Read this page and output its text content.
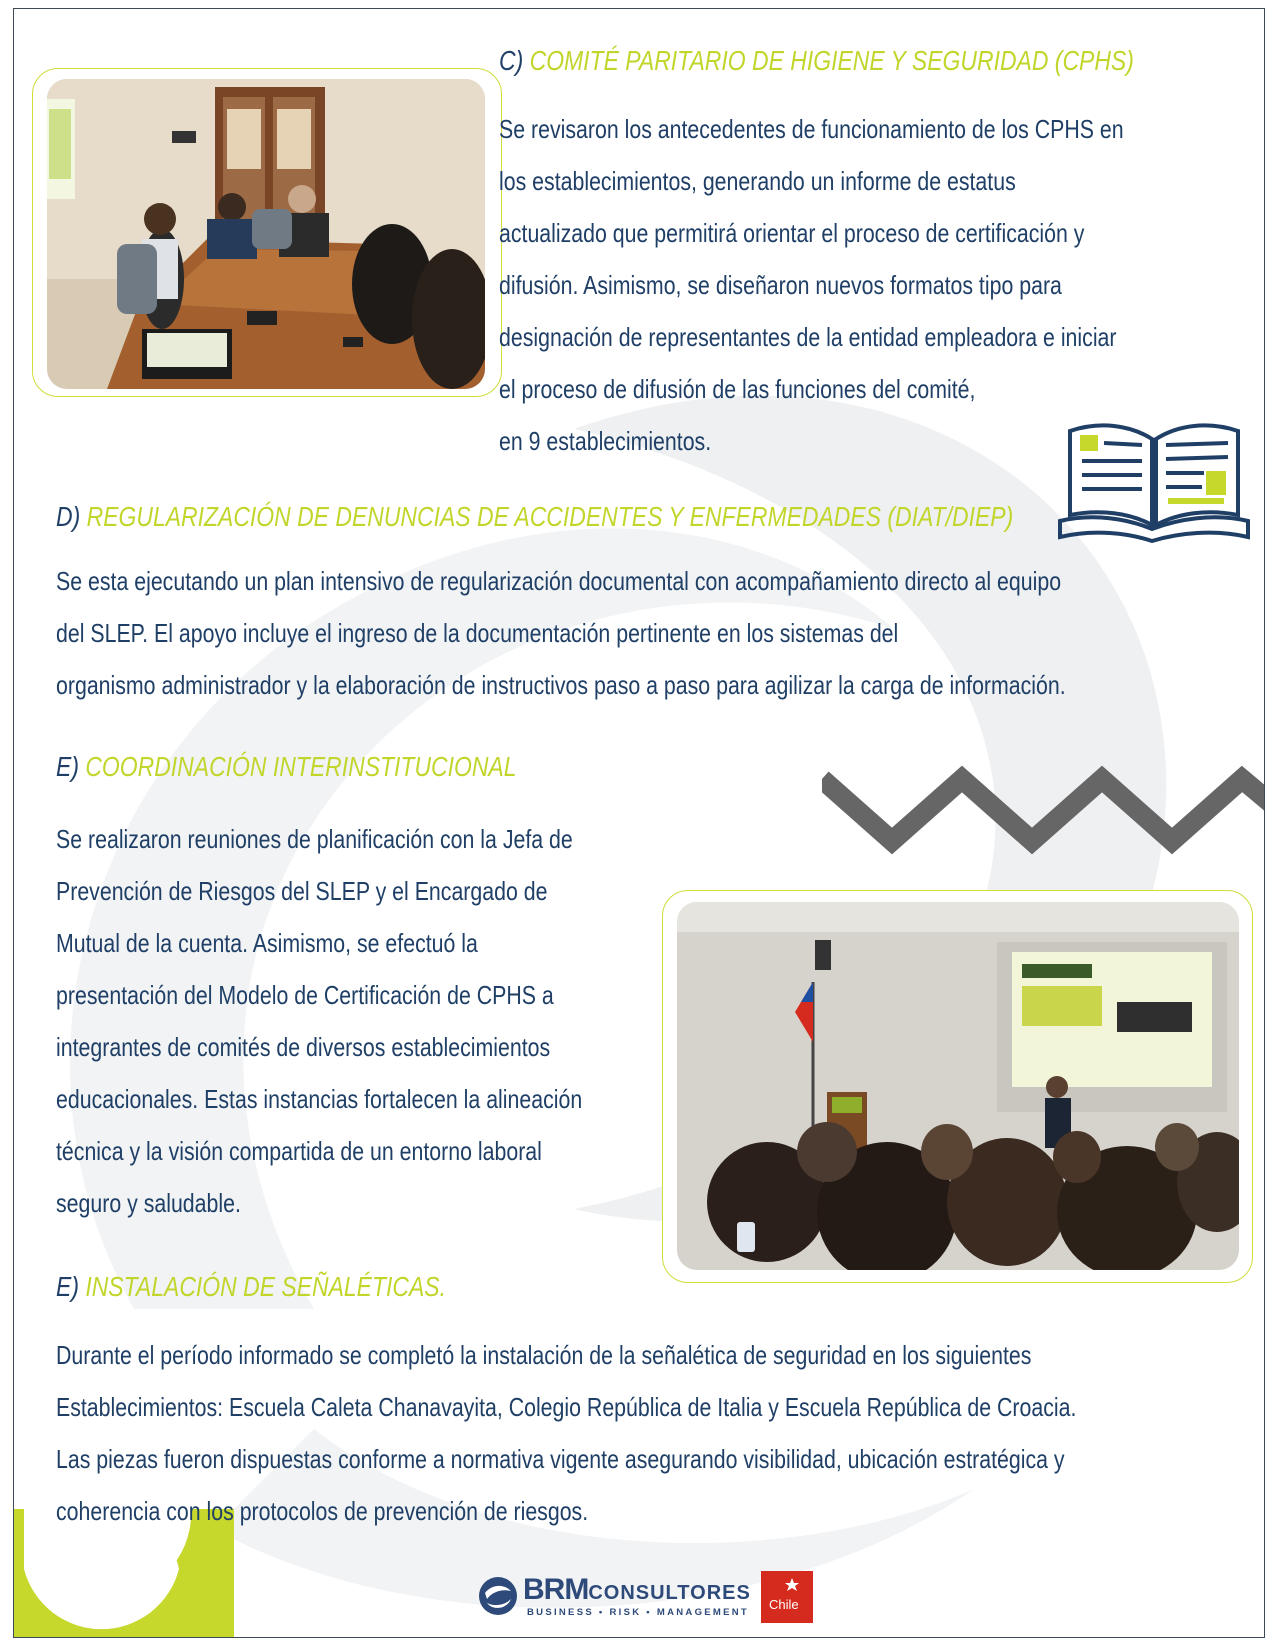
C) COMITÉ PARITARIO DE HIGIENE Y SEGURIDAD (CPHS)
Se revisaron los antecedentes de funcionamiento de los CPHS en
los establecimientos, generando un informe de estatus
actualizado que permitirá orientar el proceso de certificación y
difusión. Asimismo, se diseñaron nuevos formatos tipo para
designación de representantes de la entidad empleadora e iniciar
el proceso de difusión de las funciones del comité,
en 9 establecimientos.
D) REGULARIZACIÓN DE DENUNCIAS DE ACCIDENTES Y ENFERMEDADES (DIAT/DIEP)
Se esta ejecutando un plan intensivo de regularización documental con acompañamiento directo al equipo
del SLEP. El apoyo incluye el ingreso de la documentación pertinente en los sistemas del
organismo administrador y la elaboración de instructivos paso a paso para agilizar la carga de información.
E) COORDINACIÓN INTERINSTITUCIONAL
Se realizaron reuniones de planificación con la Jefa de
Prevención de Riesgos del SLEP y el Encargado de
Mutual de la cuenta. Asimismo, se efectuó la
presentación del Modelo de Certificación de CPHS a
integrantes de comités de diversos establecimientos
educacionales. Estas instancias fortalecen la alineación
técnica y la visión compartida de un entorno laboral
seguro y saludable.
E) INSTALACIÓN DE SEÑALÉTICAS.
Durante el período informado se completó la instalación de la señalética de seguridad en los siguientes
Establecimientos: Escuela Caleta Chanavayita, Colegio República de Italia y Escuela República de Croacia.
Las piezas fueron dispuestas conforme a normativa vigente asegurando visibilidad, ubicación estratégica y
coherencia con los protocolos de prevención de riesgos.
BRMCONSULTORES
BUSINESS • RISK • MANAGEMENT
Chile
